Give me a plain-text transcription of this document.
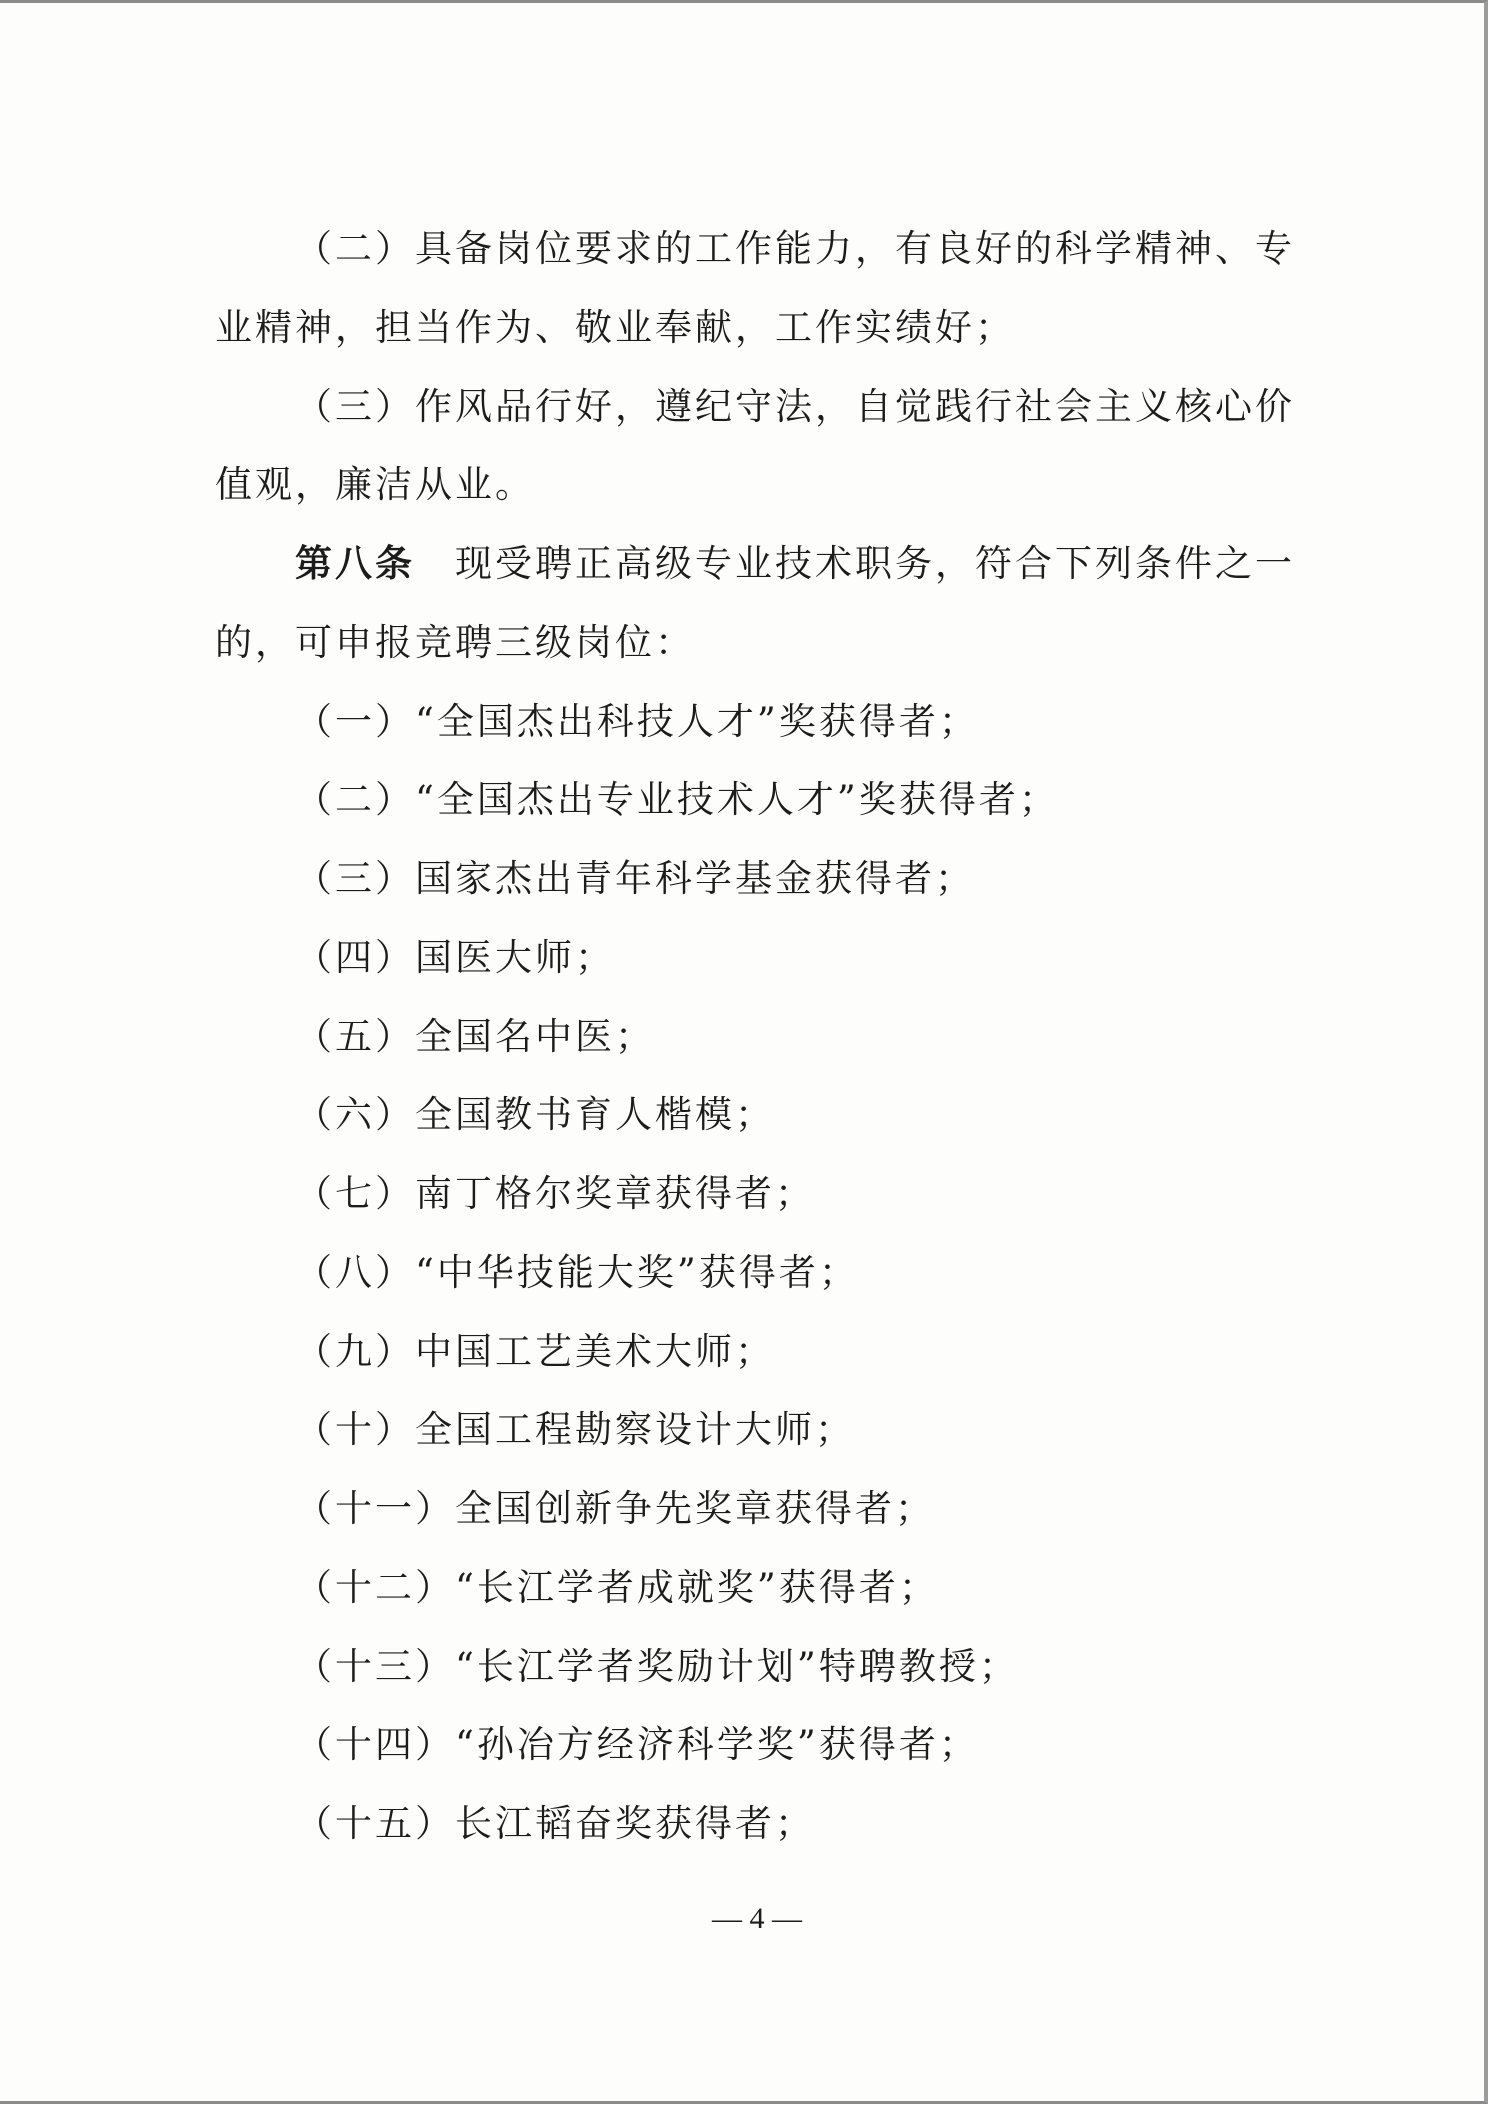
（二）具备岗位要求的工作能力，有良好的科学精神、专
业精神，担当作为、敬业奉献，工作实绩好；

（三）作风品行好，遵纪守法，自觉践行社会主义核心价
值观，廉洁从业。

第八条 现受聘正高级专业技术职务，符合下列条件之一
的，可申报竞聘三级岗位：

（一）“全国杰出科技人才”奖获得者；
（二）“全国杰出专业技术人才”奖获得者；
（三）国家杰出青年科学基金获得者；
（四）国医大师；
（五）全国名中医；
（六）全国教书育人楷模；
（七）南丁格尔奖章获得者；
（八）“中华技能大奖”获得者；
（九）中国工艺美术大师；
（十）全国工程勘察设计大师；
（十一）全国创新争先奖章获得者；
（十二）“长江学者成就奖”获得者；
（十三）“长江学者奖励计划”特聘教授；
（十四）“孙冶方经济科学奖”获得者；
（十五）长江韬奋奖获得者；
— 4 —
